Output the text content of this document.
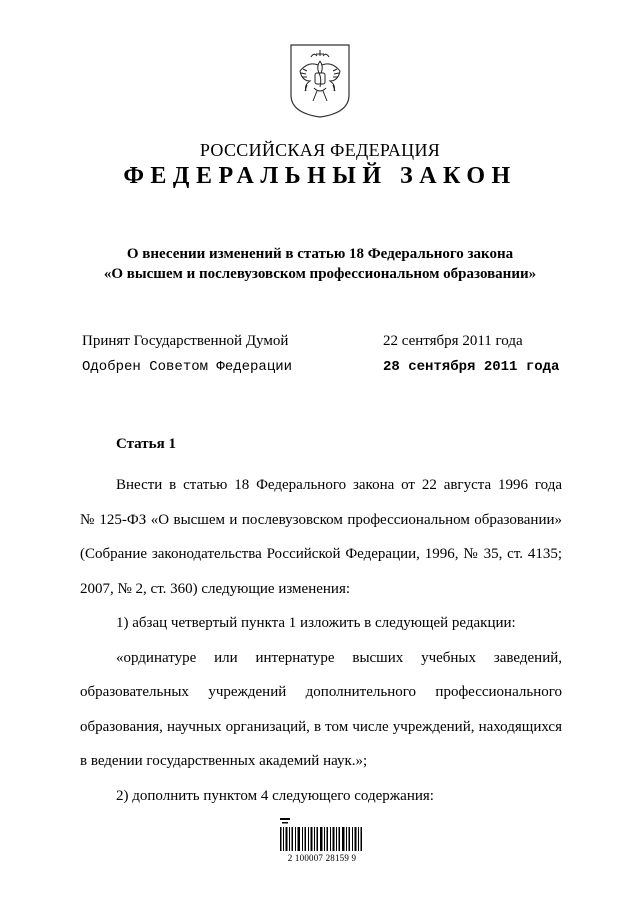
РОССИЙСКАЯ ФЕДЕРАЦИЯ
ФЕДЕРАЛЬНЫЙ ЗАКОН
О внесении изменений в статью 18 Федерального закона
«О высшем и послевузовском профессиональном образовании»
Принят Государственной Думой	22 сентября 2011 года
Одобрен Советом Федерации	28 сентября 2011 года
Статья 1

Внести в статью 18 Федерального закона от 22 августа 1996 года

№ 125-ФЗ «О высшем и послевузовском профессиональном образовании»

(Собрание законодательства Российской Федерации, 1996, № 35, ст. 4135;

2007, № 2, ст. 360) следующие изменения:

1) абзац четвертый пункта 1 изложить в следующей редакции:

«ординатуре или интернатуре высших учебных заведений,

образовательных учреждений дополнительного профессионального

образования, научных организаций, в том числе учреждений, находящихся

в ведении государственных академий наук.»;

2) дополнить пунктом 4 следующего содержания:

2 100007 28159 9
